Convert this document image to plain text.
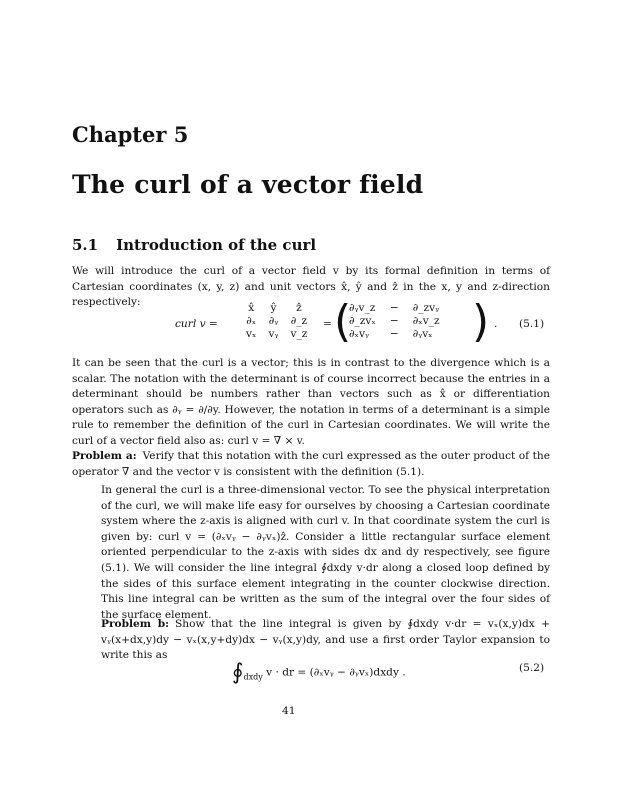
Chapter 5
The curl of a vector field
5.1 Introduction of the curl
We will introduce the curl of a vector field v by its formal definition in terms of Cartesian coordinates (x, y, z) and unit vectors x̂, ŷ and ẑ in the x, y and z-direction respectively:
curl v =
x̂	ŷ	ẑ
∂ₓ	∂ᵧ	∂_z
vₓ	vᵧ	v_z
= (
∂ᵧv_z	−	∂_zvᵧ
∂_zvₓ	−	∂ₓv_z
∂ₓvᵧ	−	∂ᵧvₓ ) . (5.1)
It can be seen that the curl is a vector; this is in contrast to the divergence which is a scalar. The notation with the determinant is of course incorrect because the entries in a determinant should be numbers rather than vectors such as x̂ or differentiation operators such as ∂ᵧ = ∂/∂y. However, the notation in terms of a determinant is a simple rule to remember the definition of the curl in Cartesian coordinates. We will write the curl of a vector field also as: curl v = ∇ × v.
Problem a: Verify that this notation with the curl expressed as the outer product of the operator ∇ and the vector v is consistent with the definition (5.1).
In general the curl is a three-dimensional vector. To see the physical interpretation of the curl, we will make life easy for ourselves by choosing a Cartesian coordinate system where the z-axis is aligned with curl v. In that coordinate system the curl is given by: curl v = (∂ₓvᵧ − ∂ᵧvₓ)ẑ. Consider a little rectangular surface element oriented perpendicular to the z-axis with sides dx and dy respectively, see figure (5.1). We will consider the line integral ∮dxdy v·dr along a closed loop defined by the sides of this surface element integrating in the counter clockwise direction. This line integral can be written as the sum of the integral over the four sides of the surface element.
Problem b: Show that the line integral is given by ∮dxdy v·dr = vₓ(x,y)dx + vᵧ(x+dx,y)dy − vₓ(x,y+dy)dx − vᵧ(x,y)dy, and use a first order Taylor expansion to write this as
$∮_{dxdy}$ v · dr = (∂ₓvᵧ − ∂ᵧvₓ)dxdy .	(5.2)
41
